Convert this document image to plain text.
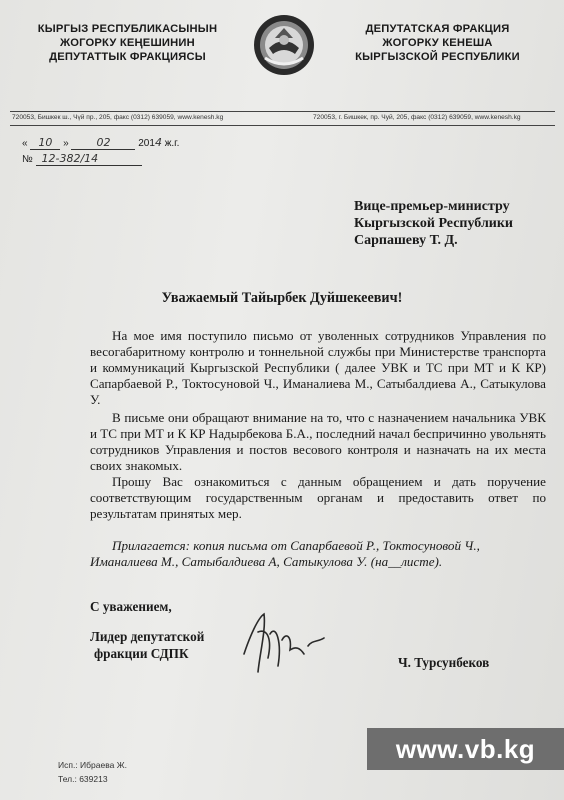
КЫРГЫЗ РЕСПУБЛИКАСЫНЫН
ЖОГОРКУ КЕҢЕШИНИН
ДЕПУТАТТЫК ФРАКЦИЯСЫ
ДЕПУТАТСКАЯ ФРАКЦИЯ
ЖОГОРКУ КЕНЕША
КЫРГЫЗСКОЙ РЕСПУБЛИКИ
720053, Бишкек ш., Чүй пр., 205, факс (0312) 639059, www.kenesh.kg	720053, г. Бишкек, пр. Чуй, 205, факс (0312) 639059, www.kenesh.kg
« 10 »	02	2014 ж.г.
№ 12-382/14
Вице-премьер-министру
Кыргызской Республики
Сарпашеву Т. Д.
Уважаемый Тайырбек Дуйшекеевич!

На мое имя поступило письмо от уволенных сотрудников Управления по весогабаритному контролю и тоннельной службы при Министерстве транспорта и коммуникаций Кыргызской Республики ( далее УВК и ТС при МТ и К КР) Сапарбаевой Р., Токтосуновой Ч., Иманалиева М., Сатыбалдиева А., Сатыкулова У.

В письме они обращают внимание на то, что с назначением начальника УВК и ТС при МТ и К КР Надырбекова Б.А., последний начал беспричинно увольнять сотрудников Управления и постов весового контроля и назначать на их места своих знакомых.

Прошу Вас ознакомиться с данным обращением и дать поручение соответствующим государственным органам и предоставить ответ по результатам принятых мер.

Прилагается: копия письма от Сапарбаевой Р., Токтосуновой Ч., Иманалиева М., Сатыбалдиева А, Сатыкулова У. (на__листе).
С уважением,
Лидер депутатской
фракции СДПК
Ч. Турсунбеков
Исп.: Ибраева Ж.
Тел.: 639213
www.vb.kg
